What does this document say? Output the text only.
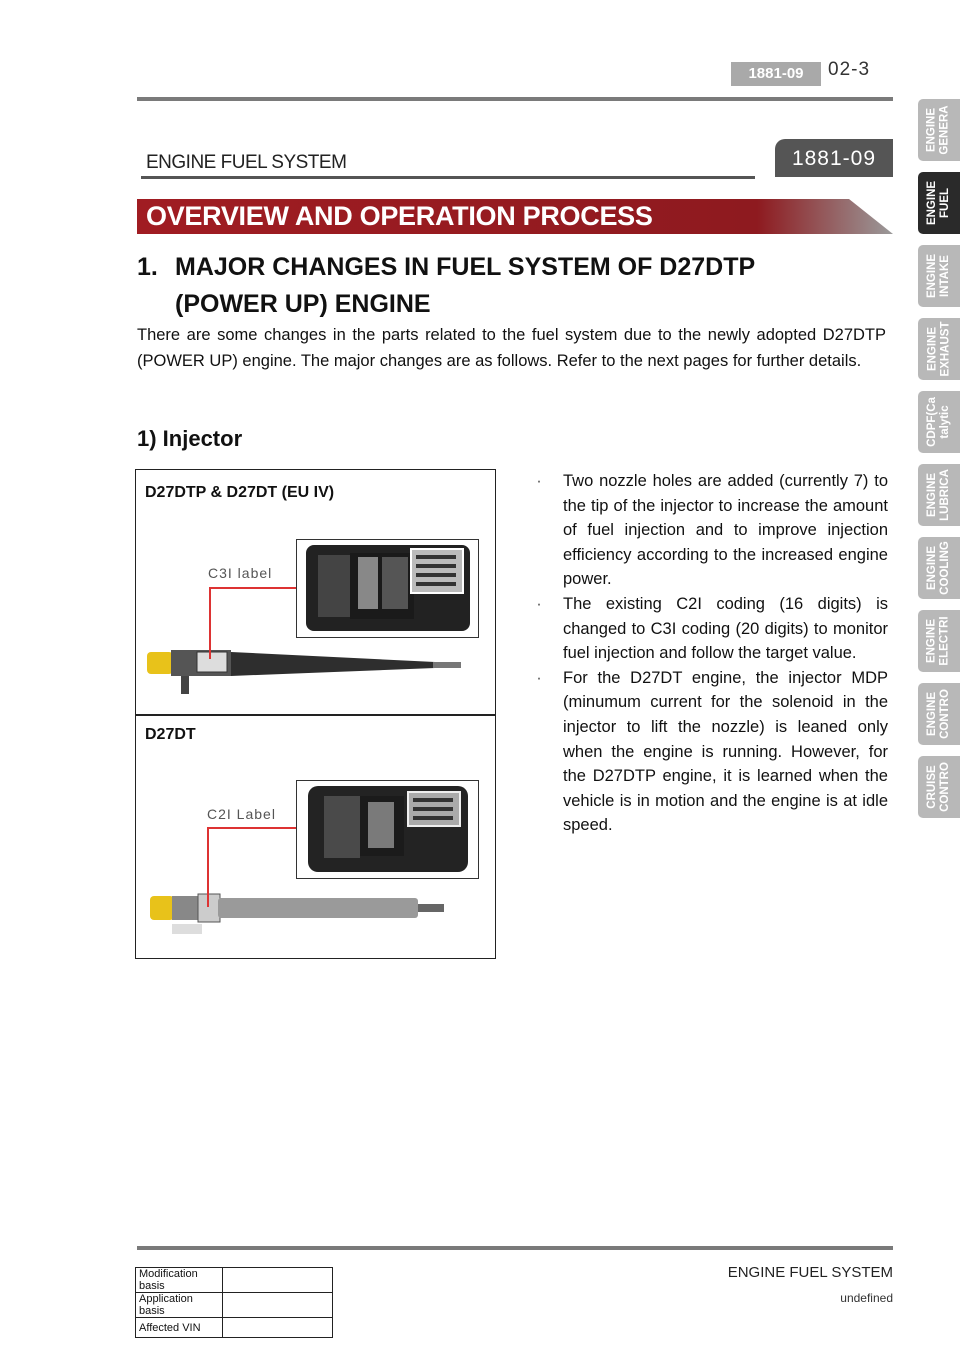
1881-09	02-3
ENGINE FUEL SYSTEM	1881-09
OVERVIEW AND OPERATION PROCESS
1. MAJOR CHANGES IN FUEL SYSTEM OF D27DTP
(POWER UP) ENGINE
There are some changes in the parts related to the fuel system due to the newly adopted D27DTP (POWER UP) engine. The major changes are as follows. Refer to the next pages for further details.
1) Injector
D27DTP & D27DT (EU IV)
C3I label
D27DT
C2I Label
· Two nozzle holes are added (currently 7) to the tip of the injector to increase the amount of fuel injection and to improve injection efficiency according to the increased engine power.
· The existing C2I coding (16 digits) is changed to C3I coding (20 digits) to monitor fuel injection and follow the target value.
· For the D27DT engine, the injector MDP (minumum current for the solenoid in the injector to lift the nozzle) is leaned only when the engine is running. However, for the D27DTP engine, it is learned when the vehicle is in motion and the engine is at idle speed.
ENGINE
GENERA
ENGINE
FUEL
ENGINE
INTAKE
ENGINE
EXHAUST
CDPF(Ca
talytic
ENGINE
LUBRICA
ENGINE
COOLING
ENGINE
ELECTRI
ENGINE
CONTRO
CRUISE
CONTRO
ENGINE FUEL SYSTEM
undefined
Modification basis	
Application basis	
Affected VIN	
